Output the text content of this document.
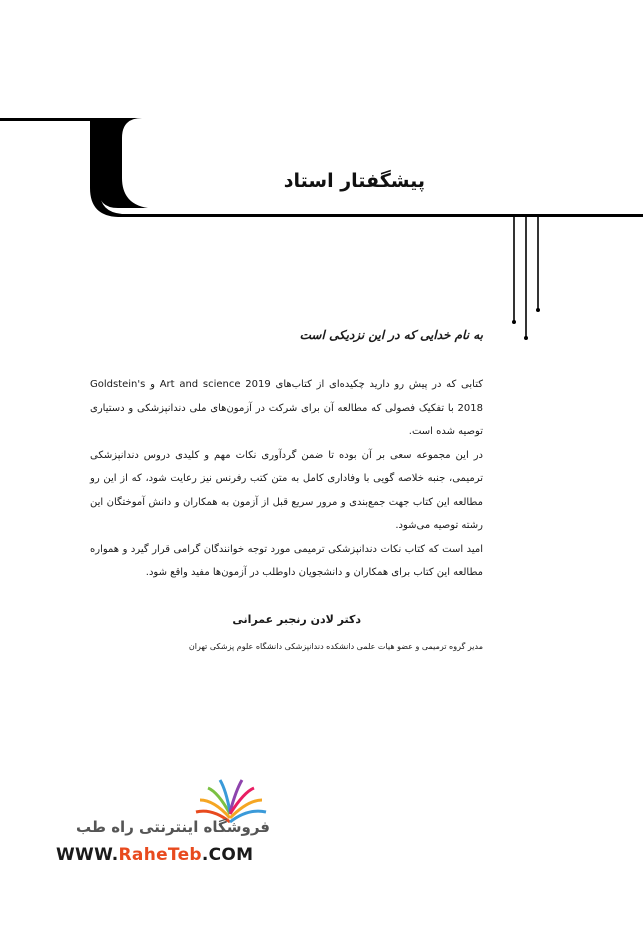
پیشگفتار استاد
به نام خدایی که در این نزدیکی است

کتابی که در پیش رو دارید چکیده‌ای از کتاب‌های Art and science 2019 و Goldstein's 2018 با تفکیک فصولی که مطالعه آن برای شرکت در آزمون‌های ملی دندانپزشکی و دستیاری توصیه شده است.

در این مجموعه سعی بر آن بوده تا ضمن گردآوری نکات مهم و کلیدی دروس دندانپزشکی ترمیمی، جنبه خلاصه گویی با وفاداری کامل به متن کتب رفرنس نیز رعایت شود، که از این رو مطالعه این کتاب جهت جمع‌بندی و مرور سریع قبل از آزمون به همکاران و دانش آموختگان این رشته توصیه می‌شود.

امید است که کتاب نکات دندانپزشکی ترمیمی مورد توجه خوانندگان گرامی قرار گیرد و همواره مطالعه این کتاب برای همکاران و دانشجویان داوطلب در آزمون‌ها مفید واقع شود.

دکتر لادن رنجبر عمرانی
مدیر گروه ترمیمی و عضو هیات علمی دانشکده دندانپزشکی دانشگاه علوم پزشکی تهران
فروشگاه اینترنتی راه طب
WWW.RaheTeb.COM
